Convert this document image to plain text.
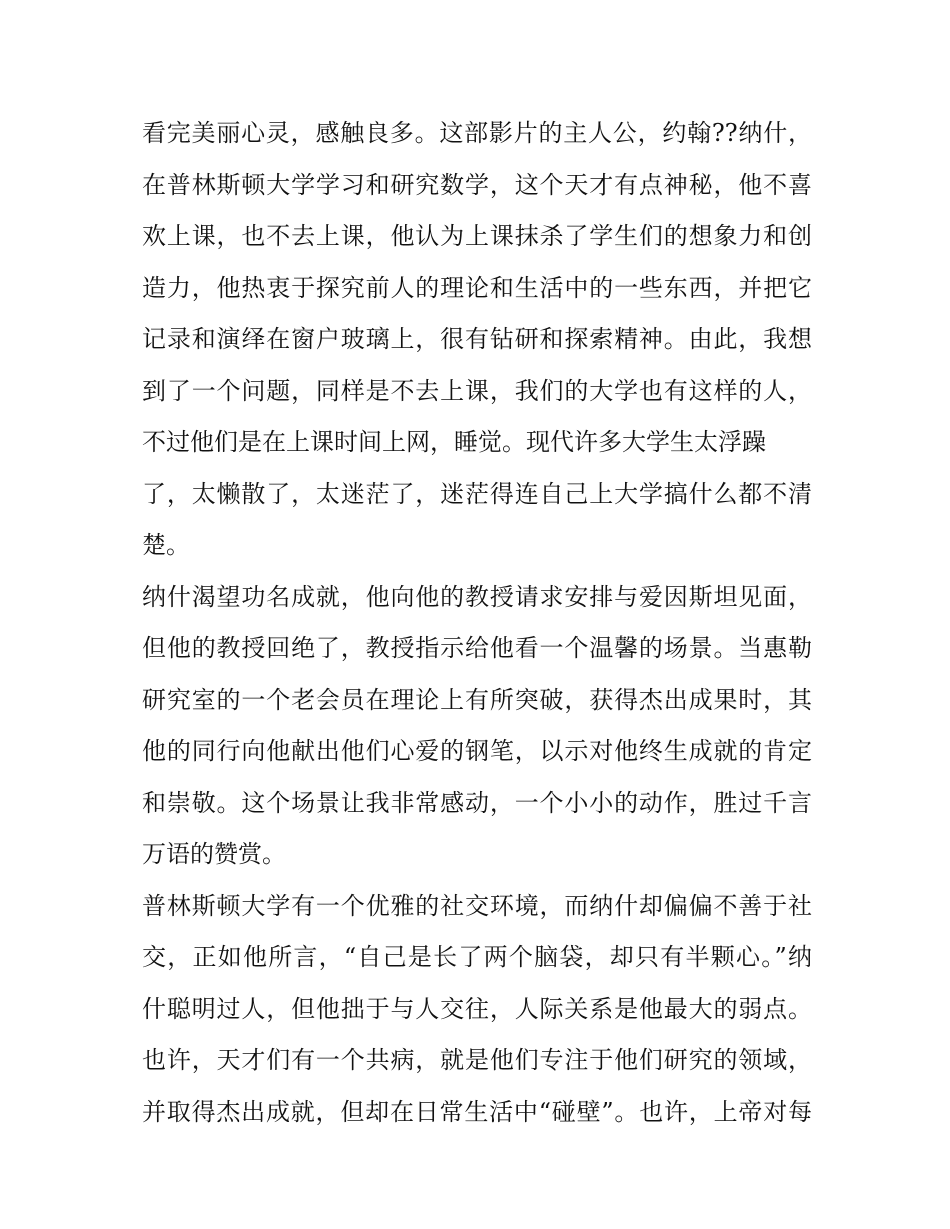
看完美丽心灵，感触良多。这部影片的主人公，约翰??纳什，
在普林斯顿大学学习和研究数学，这个天才有点神秘，他不喜
欢上课，也不去上课，他认为上课抹杀了学生们的想象力和创
造力，他热衷于探究前人的理论和生活中的一些东西，并把它
记录和演绎在窗户玻璃上，很有钻研和探索精神。由此，我想
到了一个问题，同样是不去上课，我们的大学也有这样的人，
不过他们是在上课时间上网，睡觉。现代许多大学生太浮躁
了，太懒散了，太迷茫了，迷茫得连自己上大学搞什么都不清
楚。
纳什渴望功名成就，他向他的教授请求安排与爱因斯坦见面，
但他的教授回绝了，教授指示给他看一个温馨的场景。当惠勒
研究室的一个老会员在理论上有所突破，获得杰出成果时，其
他的同行向他献出他们心爱的钢笔，以示对他终生成就的肯定
和崇敬。这个场景让我非常感动，一个小小的动作，胜过千言
万语的赞赏。
普林斯顿大学有一个优雅的社交环境，而纳什却偏偏不善于社
交，正如他所言，“自己是长了两个脑袋，却只有半颗心。”纳
什聪明过人，但他拙于与人交往，人际关系是他最大的弱点。
也许，天才们有一个共病，就是他们专注于他们研究的领域，
并取得杰出成就，但却在日常生活中“碰壁”。也许，上帝对每
